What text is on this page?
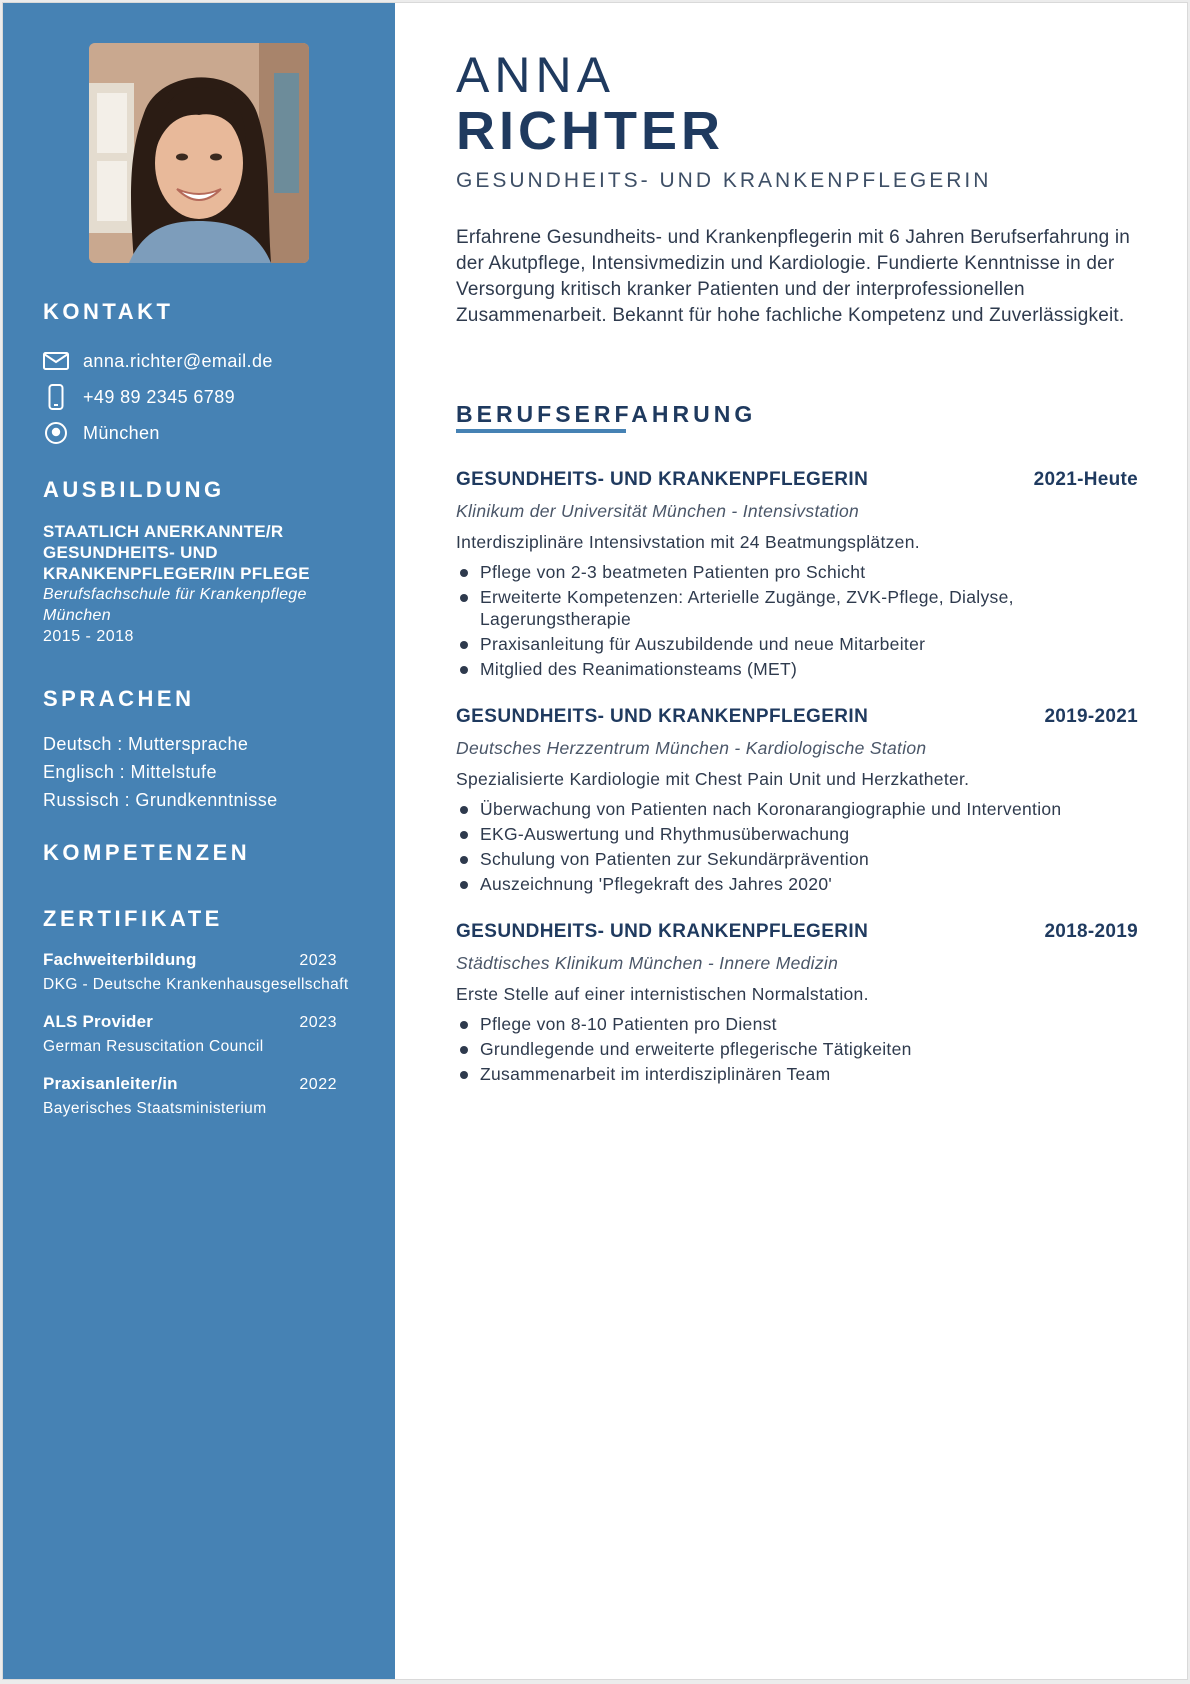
KONTAKT
anna.richter@email.de
+49 89 2345 6789
München
AUSBILDUNG
STAATLICH ANERKANNTE/R GESUNDHEITS- UND KRANKENPFLEGER/IN PFLEGE
Berufsfachschule für Krankenpflege München
2015 - 2018
SPRACHEN
Deutsch : Muttersprache
Englisch : Mittelstufe
Russisch : Grundkenntnisse
KOMPETENZEN
ZERTIFIKATE
Fachweiterbildung	2023
DKG - Deutsche Krankenhausgesellschaft
ALS Provider	2023
German Resuscitation Council
Praxisanleiter/in	2022
Bayerisches Staatsministerium
ANNA
RICHTER
GESUNDHEITS- UND KRANKENPFLEGERIN

Erfahrene Gesundheits- und Krankenpflegerin mit 6 Jahren Berufserfahrung in der Akutpflege, Intensivmedizin und Kardiologie. Fundierte Kenntnisse in der Versorgung kritisch kranker Patienten und der interprofessionellen Zusammenarbeit. Bekannt für hohe fachliche Kompetenz und Zuverlässigkeit.

BERUFSERFAHRUNG
GESUNDHEITS- UND KRANKENPFLEGERIN	2021-Heute
Klinikum der Universität München - Intensivstation
Interdisziplinäre Intensivstation mit 24 Beatmungsplätzen.
Pflege von 2-3 beatmeten Patienten pro Schicht
Erweiterte Kompetenzen: Arterielle Zugänge, ZVK-Pflege, Dialyse, Lagerungstherapie
Praxisanleitung für Auszubildende und neue Mitarbeiter
Mitglied des Reanimationsteams (MET)
GESUNDHEITS- UND KRANKENPFLEGERIN	2019-2021
Deutsches Herzzentrum München - Kardiologische Station
Spezialisierte Kardiologie mit Chest Pain Unit und Herzkatheter.
Überwachung von Patienten nach Koronarangiographie und Intervention
EKG-Auswertung und Rhythmusüberwachung
Schulung von Patienten zur Sekundärprävention
Auszeichnung 'Pflegekraft des Jahres 2020'
GESUNDHEITS- UND KRANKENPFLEGERIN	2018-2019
Städtisches Klinikum München - Innere Medizin
Erste Stelle auf einer internistischen Normalstation.
Pflege von 8-10 Patienten pro Dienst
Grundlegende und erweiterte pflegerische Tätigkeiten
Zusammenarbeit im interdisziplinären Team
